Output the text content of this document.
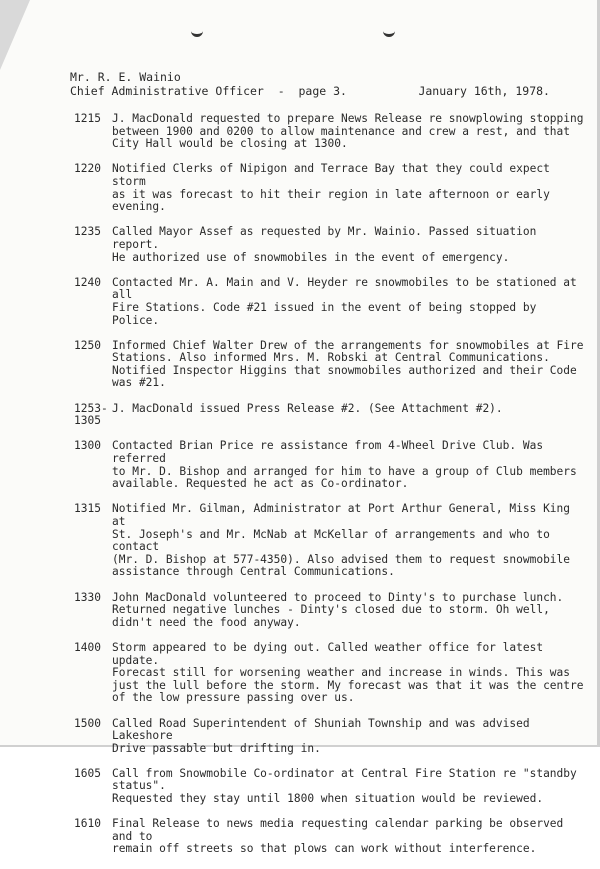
Mr. R. E. Wainio
Chief Administrative Officer  -  page 3.	January 16th, 1978.
1215 J. MacDonald requested to prepare News Release re snowplowing stopping
between 1900 and 0200 to allow maintenance and crew a rest, and that
City Hall would be closing at 1300.
1220 Notified Clerks of Nipigon and Terrace Bay that they could expect storm
as it was forecast to hit their region in late afternoon or early evening.
1235 Called Mayor Assef as requested by Mr. Wainio. Passed situation report.
He authorized use of snowmobiles in the event of emergency.
1240 Contacted Mr. A. Main and V. Heyder re snowmobiles to be stationed at all
Fire Stations. Code #21 issued in the event of being stopped by Police.
1250 Informed Chief Walter Drew of the arrangements for snowmobiles at Fire
Stations. Also informed Mrs. M. Robski at Central Communications.
Notified Inspector Higgins that snowmobiles authorized and their Code
was #21.
1253-
1305
J. MacDonald issued Press Release #2. (See Attachment #2).
1300 Contacted Brian Price re assistance from 4-Wheel Drive Club. Was referred
to Mr. D. Bishop and arranged for him to have a group of Club members
available. Requested he act as Co-ordinator.
1315 Notified Mr. Gilman, Administrator at Port Arthur General, Miss King at
St. Joseph's and Mr. McNab at McKellar of arrangements and who to contact
(Mr. D. Bishop at 577-4350). Also advised them to request snowmobile
assistance through Central Communications.
1330 John MacDonald volunteered to proceed to Dinty's to purchase lunch.
Returned negative lunches - Dinty's closed due to storm. Oh well,
didn't need the food anyway.
1400 Storm appeared to be dying out. Called weather office for latest update.
Forecast still for worsening weather and increase in winds. This was
just the lull before the storm. My forecast was that it was the centre
of the low pressure passing over us.
1500 Called Road Superintendent of Shuniah Township and was advised Lakeshore
Drive passable but drifting in.
1605 Call from Snowmobile Co-ordinator at Central Fire Station re "standby status".
Requested they stay until 1800 when situation would be reviewed.
1610 Final Release to news media requesting calendar parking be observed and to
remain off streets so that plows can work without interference.
